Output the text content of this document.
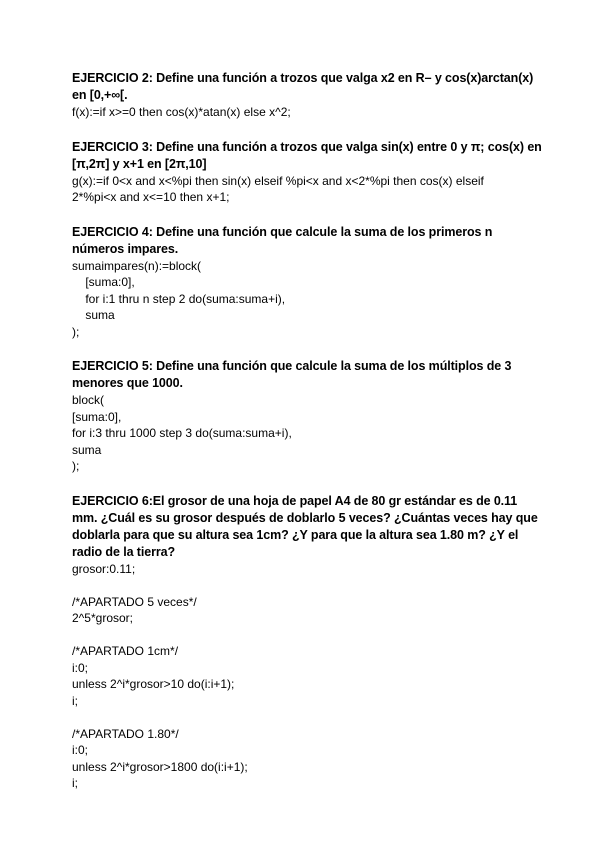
EJERCICIO 2: Define una función a trozos que valga x2 en R– y cos(x)arctan(x) en [0,+∞[.

f(x):=if x>=0 then cos(x)*atan(x) else x^2;

EJERCICIO 3: Define una función a trozos que valga sin(x) entre 0 y π; cos(x) en [π,2π] y x+1 en [2π,10]

g(x):=if 0<x and x<%pi then sin(x) elseif %pi<x and x<2*%pi then cos(x) elseif
2*%pi<x and x<=10 then x+1;

EJERCICIO 4: Define una función que calcule la suma de los primeros n números impares.

sumaimpares(n):=block(
[suma:0],
for i:1 thru n step 2 do(suma:suma+i),
suma
);

EJERCICIO 5: Define una función que calcule la suma de los múltiplos de 3 menores que 1000.

block(
[suma:0],
for i:3 thru 1000 step 3 do(suma:suma+i),
suma
);

EJERCICIO 6:El grosor de una hoja de papel A4 de 80 gr estándar es de 0.11 mm. ¿Cuál es su grosor después de doblarlo 5 veces? ¿Cuántas veces hay que doblarla para que su altura sea 1cm? ¿Y para que la altura sea 1.80 m? ¿Y el radio de la tierra?

grosor:0.11;
/*APARTADO 5 veces*/
2^5*grosor;
/*APARTADO 1cm*/
i:0;
unless 2^i*grosor>10 do(i:i+1);
i;
/*APARTADO 1.80*/
i:0;
unless 2^i*grosor>1800 do(i:i+1);
i;
